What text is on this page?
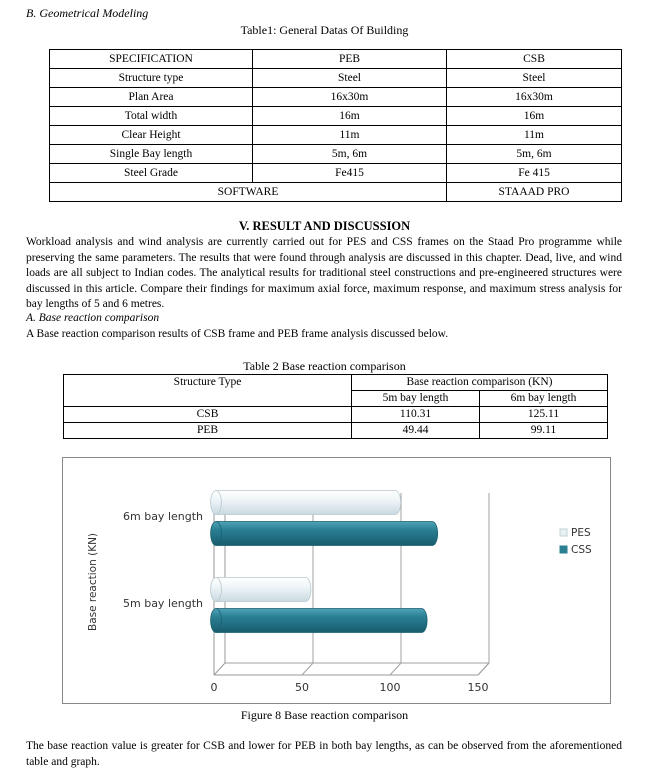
B. Geometrical Modeling
Table1: General Datas Of Building
SPECIFICATION	PEB	CSB
Structure type	Steel	Steel
Plan Area	16x30m	16x30m
Total width	16m	16m
Clear Height	11m	11m
Single Bay length	5m, 6m	5m, 6m
Steel Grade	Fe415	Fe 415
SOFTWARE		STAAAD PRO
V. RESULT AND DISCUSSION
Workload analysis and wind analysis are currently carried out for PES and CSS frames on the Staad Pro programme while preserving the same parameters. The results that were found through analysis are discussed in this chapter. Dead, live, and wind loads are all subject to Indian codes. The analytical results for traditional steel constructions and pre-engineered structures were discussed in this article. Compare their findings for maximum axial force, maximum response, and maximum stress analysis for bay lengths of 5 and 6 metres.
A. Base reaction comparison
A Base reaction comparison results of CSB frame and PEB frame analysis discussed below.
Table 2 Base reaction comparison
Structure Type	Base reaction comparison (KN)	
	5m bay length	6m bay length
CSB	110.31	125.11
PEB	49.44	99.11
6m bay length
5m bay length
Base reaction (KN)
0	50	100	150
PES
CSS
Figure 8 Base reaction comparison
The base reaction value is greater for CSB and lower for PEB in both bay lengths, as can be observed from the aforementioned table and graph.
